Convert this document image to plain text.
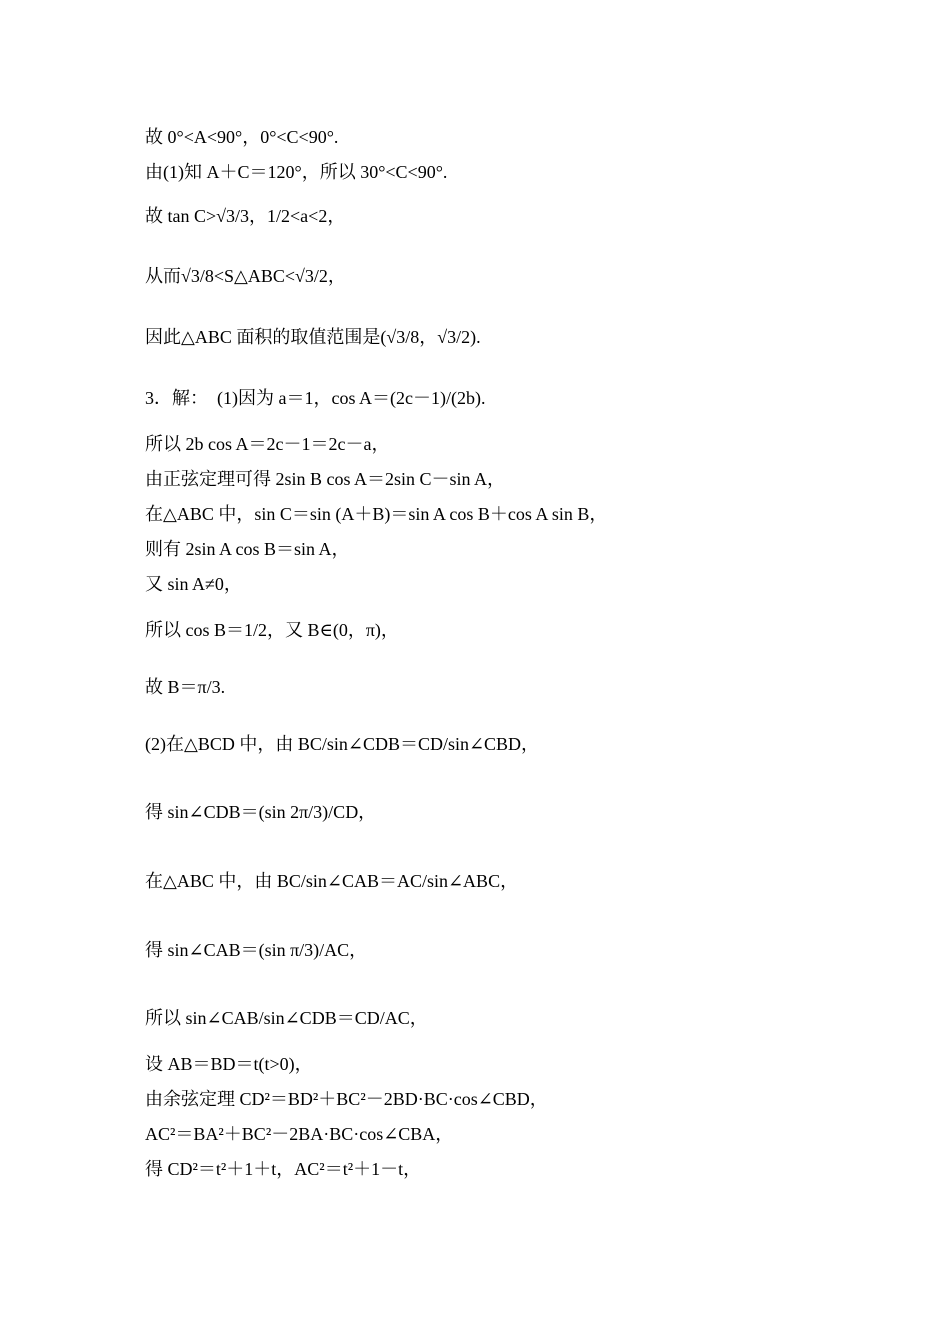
故 0°<A<90°，0°<C<90°.
由(1)知 A＋C＝120°，所以 30°<C<90°.
故 tan C>√3/3，1/2<a<2，
从而√3/8<S△ABC<√3/2，
因此△ABC 面积的取值范围是(√3/8，√3/2).
3．解：　(1)因为 a＝1，cos A＝(2c－1)/(2b).
所以 2b cos A＝2c－1＝2c－a，
由正弦定理可得 2sin B cos A＝2sin C－sin A，
在△ABC 中，sin C＝sin (A＋B)＝sin A cos B＋cos A sin B，
则有 2sin A cos B＝sin A，
又 sin A≠0，
所以 cos B＝1/2，又 B∈(0，π)，
故 B＝π/3.
(2)在△BCD 中，由 BC/sin∠CDB＝CD/sin∠CBD，
得 sin∠CDB＝(sin 2π/3)/CD，
在△ABC 中，由 BC/sin∠CAB＝AC/sin∠ABC，
得 sin∠CAB＝(sin π/3)/AC，
所以 sin∠CAB/sin∠CDB＝CD/AC，
设 AB＝BD＝t(t>0)，
由余弦定理 CD²＝BD²＋BC²－2BD·BC·cos∠CBD，
AC²＝BA²＋BC²－2BA·BC·cos∠CBA，
得 CD²＝t²＋1＋t，AC²＝t²＋1－t，
